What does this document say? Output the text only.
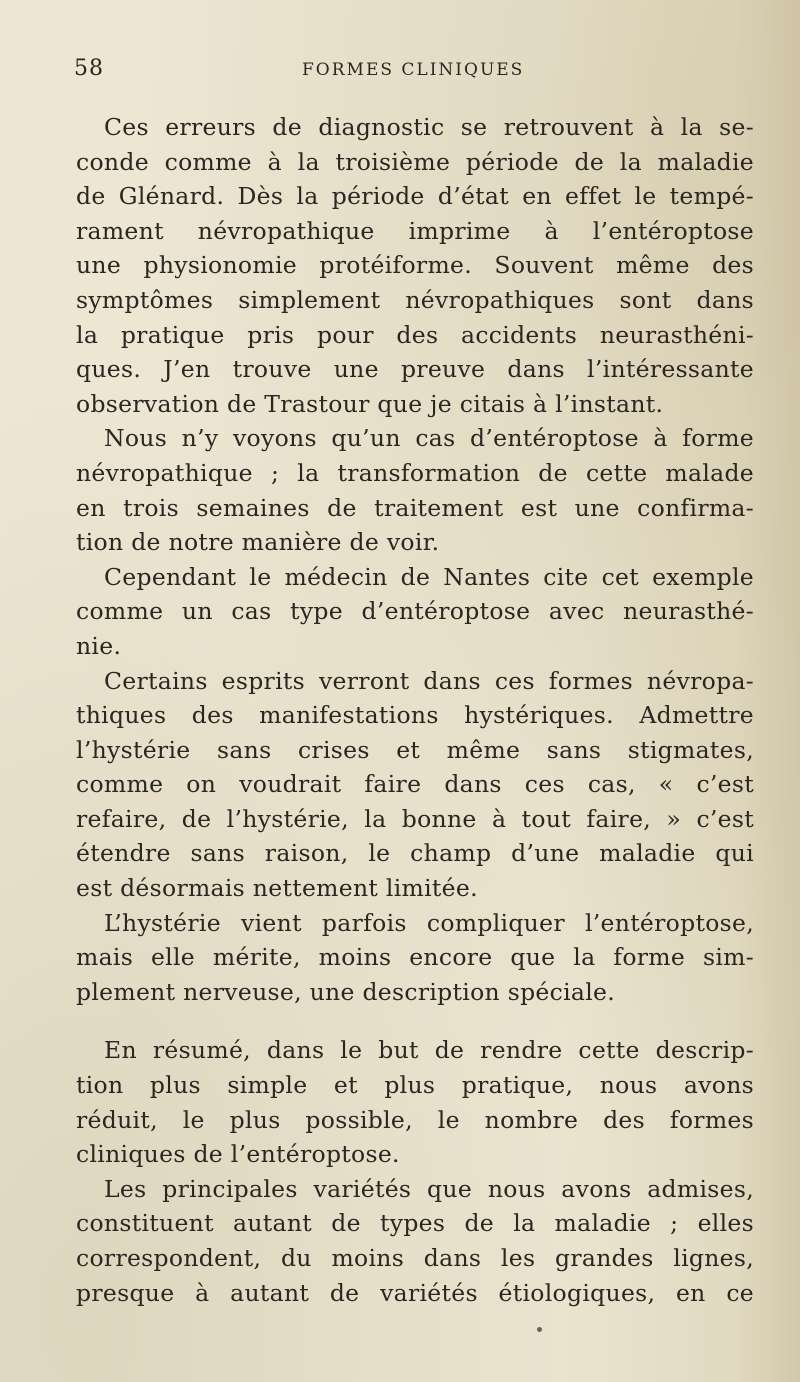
58	FORMES CLINIQUES
Ces erreurs de diagnostic se retrouvent à la se-
conde comme à la troisième période de la maladie
de Glénard. Dès la période d’état en effet le tempé-
rament névropathique imprime à l’entéroptose
une physionomie protéiforme. Souvent même des
symptômes simplement névropathiques sont dans
la pratique pris pour des accidents neurasthéni-
ques. J’en trouve une preuve dans l’intéressante
observation de Trastour que je citais à l’instant.
Nous n’y voyons qu’un cas d’entéroptose à forme
névropathique ; la transformation de cette malade
en trois semaines de traitement est une confirma-
tion de notre manière de voir.
Cependant le médecin de Nantes cite cet exemple
comme un cas type d’entéroptose avec neurasthé-
nie.
Certains esprits verront dans ces formes névropa-
thiques des manifestations hystériques. Admettre
l’hystérie sans crises et même sans stigmates,
comme on voudrait faire dans ces cas, « c’est
refaire, de l’hystérie, la bonne à tout faire, » c’est
étendre sans raison, le champ d’une maladie qui
est désormais nettement limitée.
L’hystérie vient parfois compliquer l’entéroptose,
mais elle mérite, moins encore que la forme sim-
plement nerveuse, une description spéciale.
En résumé, dans le but de rendre cette descrip-
tion plus simple et plus pratique, nous avons
réduit, le plus possible, le nombre des formes
cliniques de l’entéroptose.
Les principales variétés que nous avons admises,
constituent autant de types de la maladie ; elles
correspondent, du moins dans les grandes lignes,
presque à autant de variétés étiologiques, en ce
